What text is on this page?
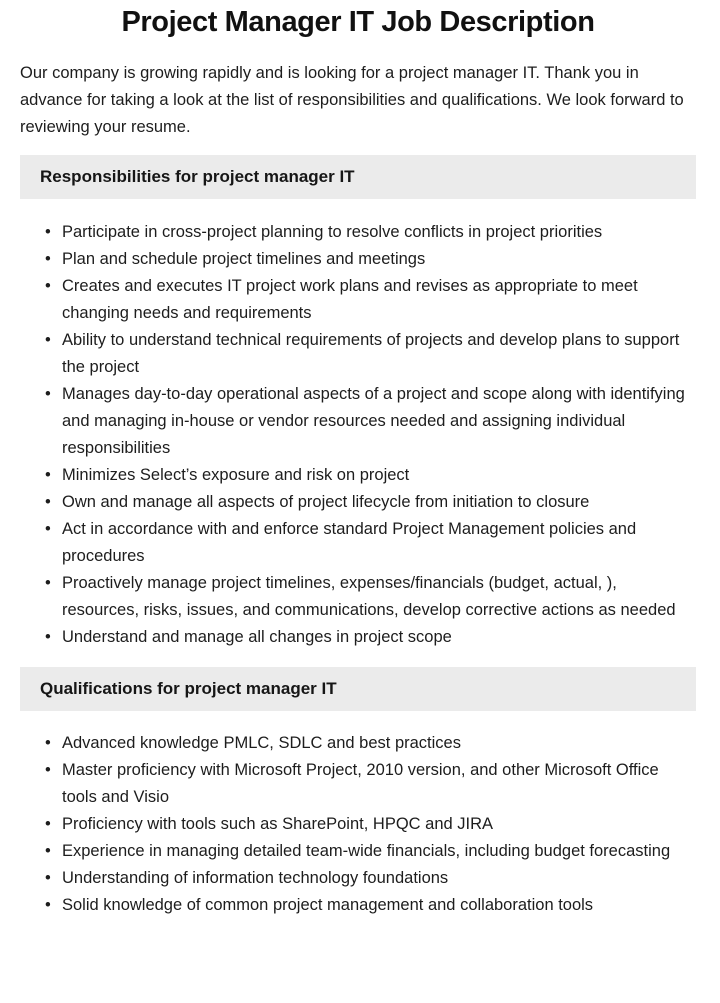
Project Manager IT Job Description

Our company is growing rapidly and is looking for a project manager IT. Thank you in advance for taking a look at the list of responsibilities and qualifications. We look forward to reviewing your resume.

Responsibilities for project manager IT
• Participate in cross-project planning to resolve conflicts in project priorities
• Plan and schedule project timelines and meetings
• Creates and executes IT project work plans and revises as appropriate to meet changing needs and requirements
• Ability to understand technical requirements of projects and develop plans to support the project
• Manages day-to-day operational aspects of a project and scope along with identifying and managing in-house or vendor resources needed and assigning individual responsibilities
• Minimizes Select’s exposure and risk on project
• Own and manage all aspects of project lifecycle from initiation to closure
• Act in accordance with and enforce standard Project Management policies and procedures
• Proactively manage project timelines, expenses/financials (budget, actual, ), resources, risks, issues, and communications, develop corrective actions as needed
• Understand and manage all changes in project scope
Qualifications for project manager IT
• Advanced knowledge PMLC, SDLC and best practices
• Master proficiency with Microsoft Project, 2010 version, and other Microsoft Office tools and Visio
• Proficiency with tools such as SharePoint, HPQC and JIRA
• Experience in managing detailed team-wide financials, including budget forecasting
• Understanding of information technology foundations
• Solid knowledge of common project management and collaboration tools
